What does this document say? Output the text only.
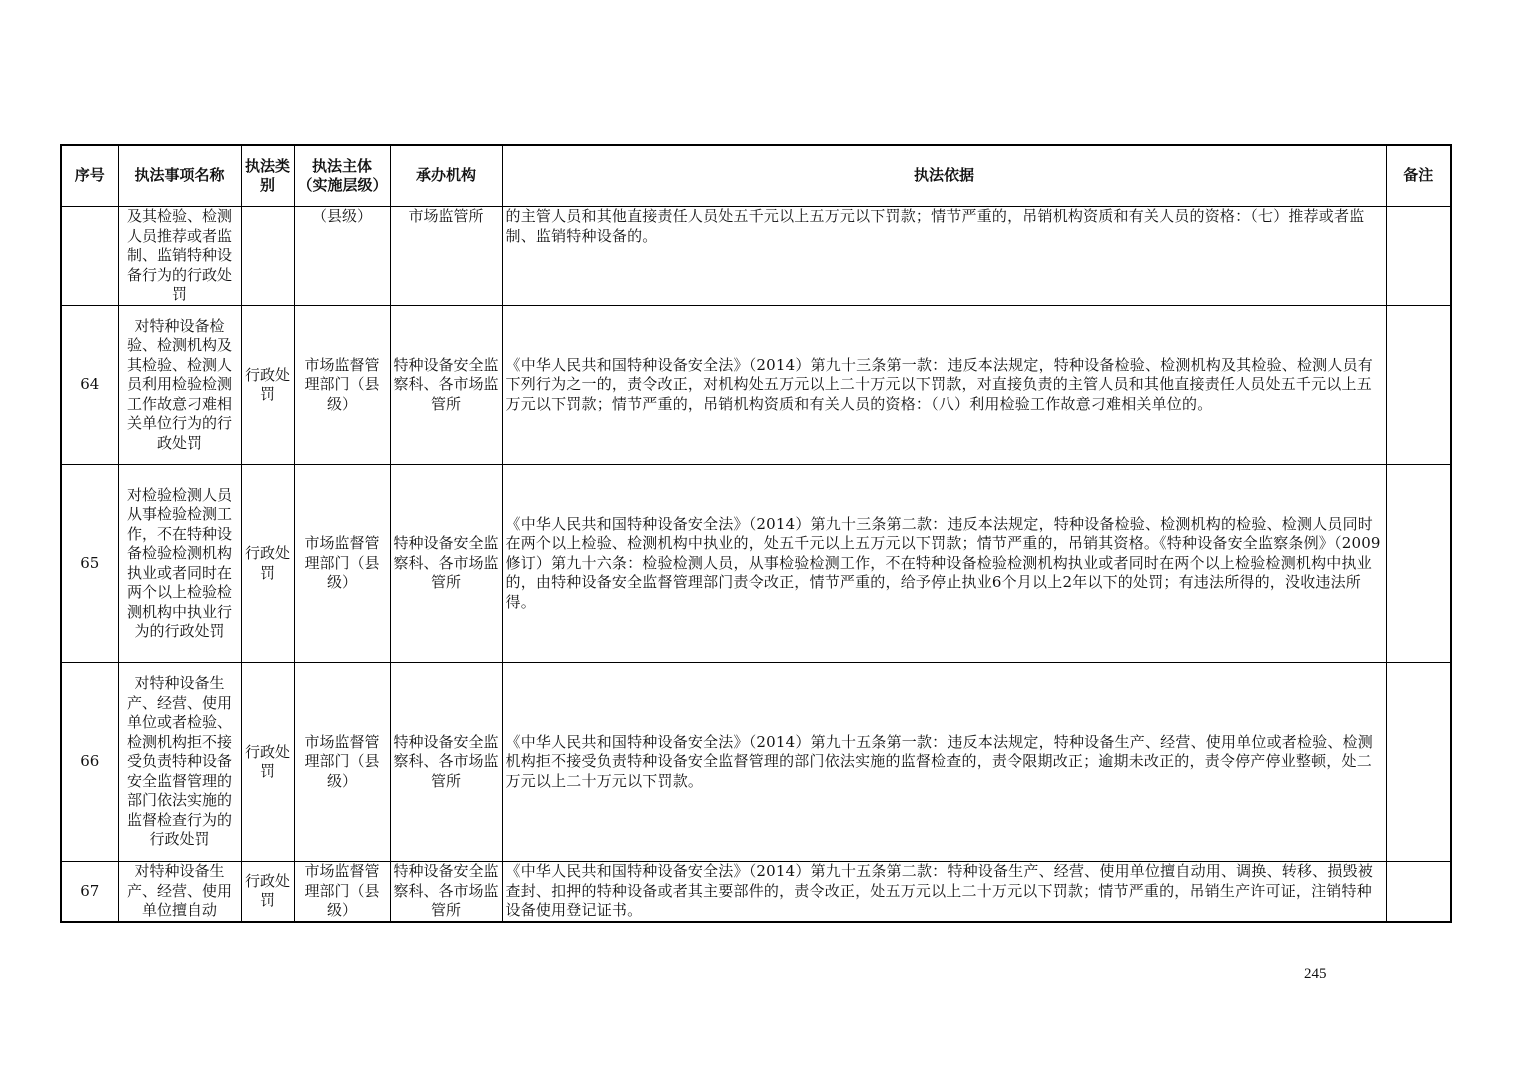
序号	执法事项名称	执法类别	执法主体（实施层级）	承办机构	执法依据	备注
	及其检验、检测人员推荐或者监制、监销特种设备行为的行政处罚		（县级）	市场监管所	的主管人员和其他直接责任人员处五千元以上五万元以下罚款；情节严重的，吊销机构资质和有关人员的资格：（七）推荐或者监制、监销特种设备的。	
64	对特种设备检验、检测机构及其检验、检测人员利用检验检测工作故意刁难相关单位行为的行政处罚	行政处罚	市场监督管理部门（县级）	特种设备安全监察科、各市场监管所	《中华人民共和国特种设备安全法》（2014）第九十三条第一款：违反本法规定，特种设备检验、检测机构及其检验、检测人员有下列行为之一的，责令改正，对机构处五万元以上二十万元以下罚款，对直接负责的主管人员和其他直接责任人员处五千元以上五万元以下罚款；情节严重的，吊销机构资质和有关人员的资格：（八）利用检验工作故意刁难相关单位的。	
65	对检验检测人员从事检验检测工作，不在特种设备检验检测机构执业或者同时在两个以上检验检测机构中执业行为的行政处罚	行政处罚	市场监督管理部门（县级）	特种设备安全监察科、各市场监管所	《中华人民共和国特种设备安全法》（2014）第九十三条第二款：违反本法规定，特种设备检验、检测机构的检验、检测人员同时在两个以上检验、检测机构中执业的，处五千元以上五万元以下罚款；情节严重的，吊销其资格。《特种设备安全监察条例》（2009修订）第九十六条：检验检测人员，从事检验检测工作，不在特种设备检验检测机构执业或者同时在两个以上检验检测机构中执业的，由特种设备安全监督管理部门责令改正，情节严重的，给予停止执业6个月以上2年以下的处罚；有违法所得的，没收违法所得。	
66	对特种设备生产、经营、使用单位或者检验、检测机构拒不接受负责特种设备安全监督管理的部门依法实施的监督检查行为的行政处罚	行政处罚	市场监督管理部门（县级）	特种设备安全监察科、各市场监管所	《中华人民共和国特种设备安全法》（2014）第九十五条第一款：违反本法规定，特种设备生产、经营、使用单位或者检验、检测机构拒不接受负责特种设备安全监督管理的部门依法实施的监督检查的，责令限期改正；逾期未改正的，责令停产停业整顿，处二万元以上二十万元以下罚款。	
67	对特种设备生产、经营、使用单位擅自动	行政处罚	市场监督管理部门（县级）	特种设备安全监察科、各市场监管所	《中华人民共和国特种设备安全法》（2014）第九十五条第二款：特种设备生产、经营、使用单位擅自动用、调换、转移、损毁被查封、扣押的特种设备或者其主要部件的，责令改正，处五万元以上二十万元以下罚款；情节严重的，吊销生产许可证，注销特种设备使用登记证书。	
245
